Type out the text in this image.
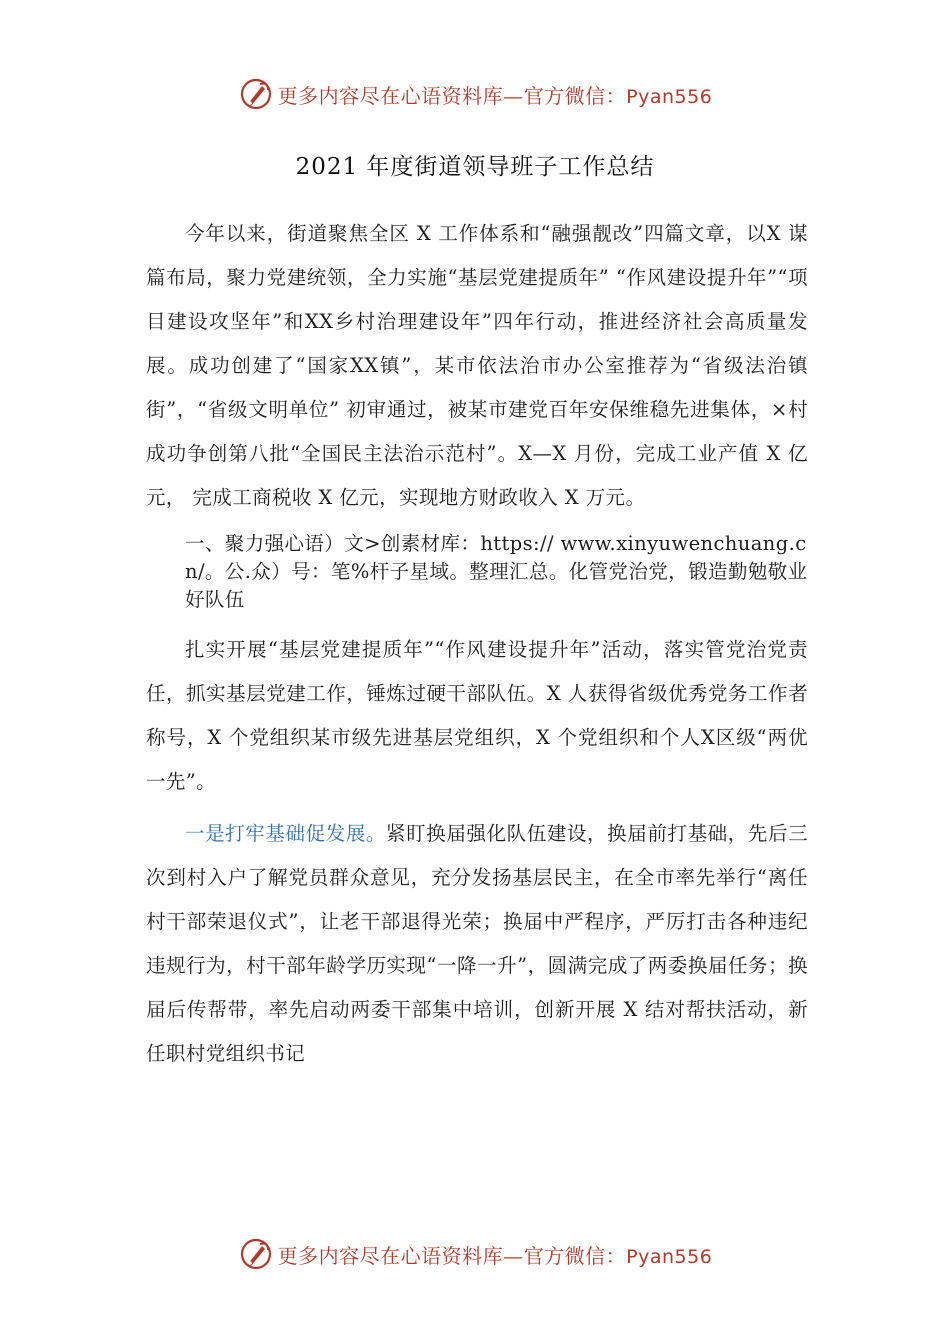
更多内容尽在心语资料库—官方微信：Pyan556
2021 年度街道领导班子工作总结

今年以来，街道聚焦全区 X 工作体系和“融强靓改”四篇文章，以X 谋篇布局，聚力党建统领，全力实施“基层党建提质年” “作风建设提升年”“项目建设攻坚年”和XX乡村治理建设年”四年行动，推进经济社会高质量发展。成功创建了“国家XX镇”，某市依法治市办公室推荐为“省级法治镇街”，“省级文明单位” 初审通过，被某市建党百年安保维稳先进集体，×村成功争创第八批“全国民主法治示范村”。X—X 月份，完成工业产值 X 亿元， 完成工商税收 X 亿元，实现地方财政收入 X 万元。

一、聚力强心语）文>创素材库：https:// www.xinyuwenchuang.cn/。公.众）号：笔%杆子星域。整理汇总。化管党治党，锻造勤勉敬业好队伍

扎实开展“基层党建提质年”“作风建设提升年”活动，落实管党治党责任，抓实基层党建工作，锤炼过硬干部队伍。X 人获得省级优秀党务工作者称号，X 个党组织某市级先进基层党组织，X 个党组织和个人X区级“两优一先”。

一是打牢基础促发展。紧盯换届强化队伍建设，换届前打基础，先后三次到村入户了解党员群众意见，充分发扬基层民主，在全市率先举行“离任村干部荣退仪式”，让老干部退得光荣；换届中严程序，严厉打击各种违纪违规行为，村干部年龄学历实现“一降一升”，圆满完成了两委换届任务；换届后传帮带，率先启动两委干部集中培训，创新开展 X 结对帮扶活动，新任职村党组织书记

更多内容尽在心语资料库—官方微信：Pyan556
